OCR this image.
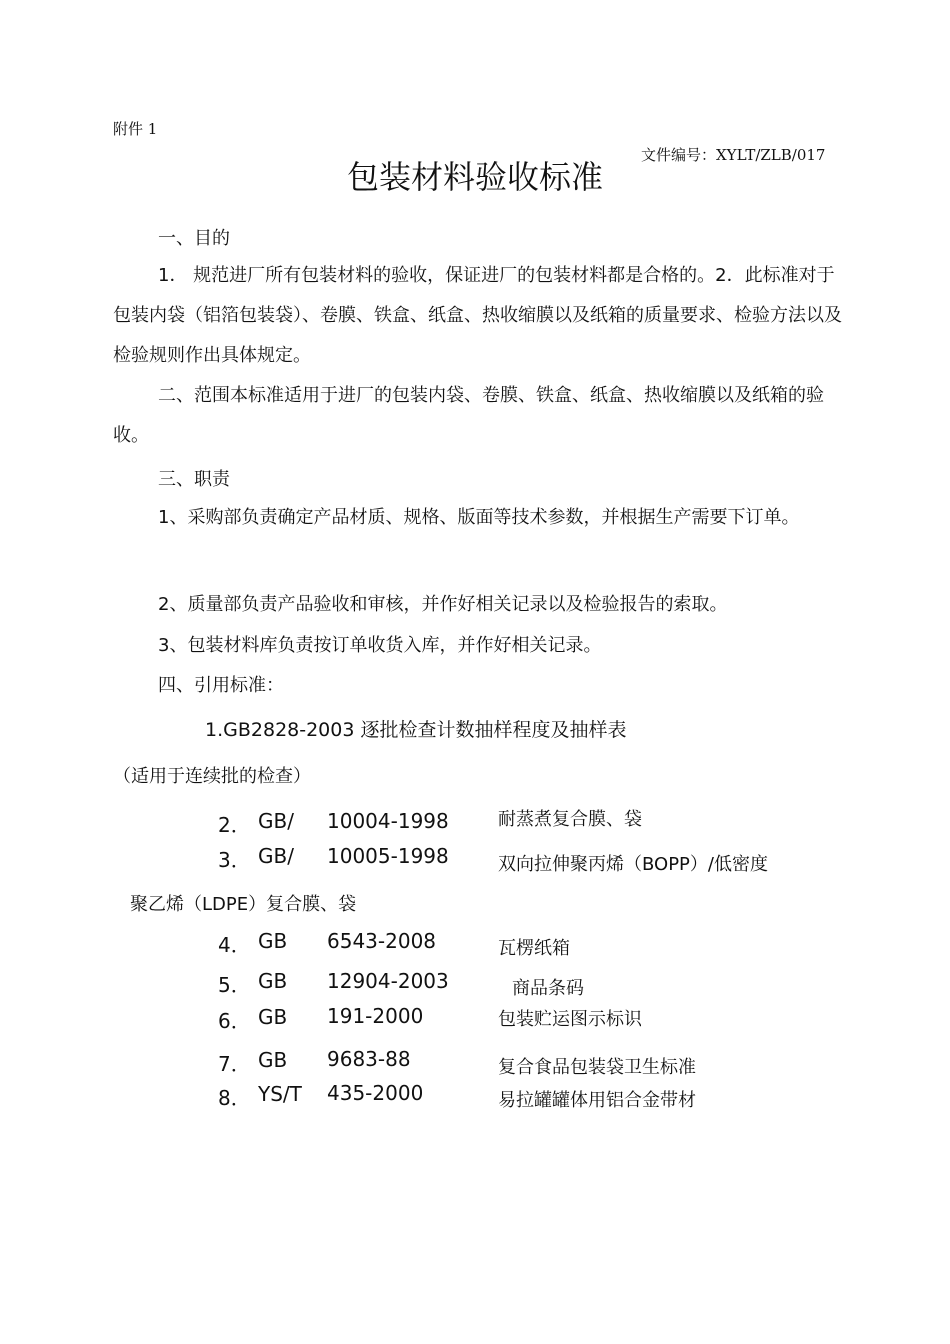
附件 1
文件编号：XYLT/ZLB/017
包装材料验收标准
一、目的
1． 规范进厂所有包装材料的验收，保证进厂的包装材料都是合格的。2．此标准对于包装内袋（铝箔包装袋）、卷膜、铁盒、纸盒、热收缩膜以及纸箱的质量要求、检验方法以及检验规则作出具体规定。
二、范围本标准适用于进厂的包装内袋、卷膜、铁盒、纸盒、热收缩膜以及纸箱的验收。
三、职责
1、采购部负责确定产品材质、规格、版面等技术参数，并根据生产需要下订单。
2、质量部负责产品验收和审核，并作好相关记录以及检验报告的索取。
3、包装材料库负责按订单收货入库，并作好相关记录。
四、引用标准：
1.GB2828-2003 逐批检查计数抽样程度及抽样表
（适用于连续批的检查）
2． GB/ 10004-1998	耐蒸煮复合膜、袋
3． GB/ 10005-1998	双向拉伸聚丙烯（BOPP）/低密度
聚乙烯（LDPE）复合膜、袋
4． GB 6543-2008	瓦楞纸箱
5． GB 12904-2003	商品条码
6． GB 191-2000	包装贮运图示标识
7． GB 9683-88	复合食品包装袋卫生标准
8． YS/T 435-2000	易拉罐罐体用铝合金带材
